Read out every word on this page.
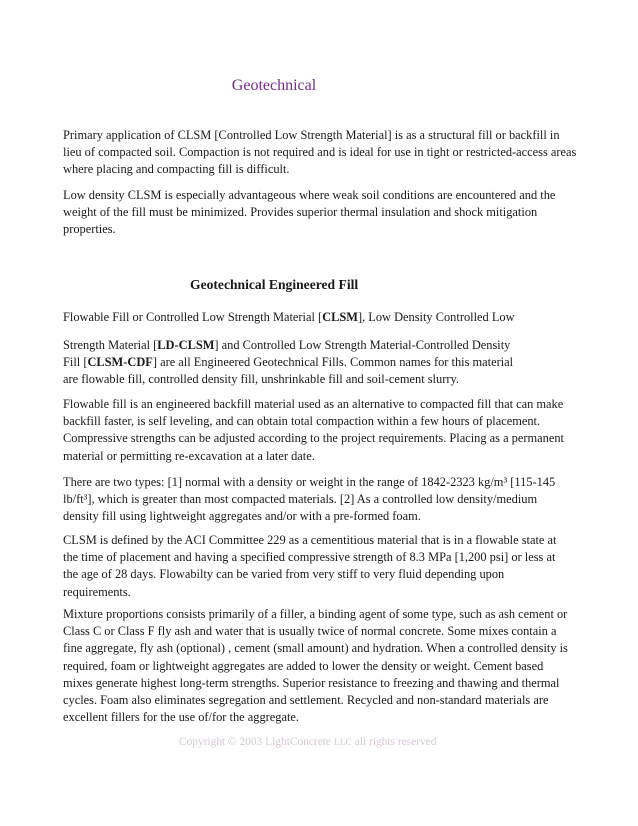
Geotechnical

Primary application of CLSM [Controlled Low Strength Material] is as a structural fill or backfill in
lieu of compacted soil. Compaction is not required and is ideal for use in tight or restricted-access areas
where placing and compacting fill is difficult.

Low density CLSM is especially advantageous where weak soil conditions are encountered and the
weight of the fill must be minimized. Provides superior thermal insulation and shock mitigation
properties.

Geotechnical Engineered Fill

Flowable Fill or Controlled Low Strength Material [CLSM], Low Density Controlled Low

Strength Material [LD-CLSM] and Controlled Low Strength Material-Controlled Density
Fill [CLSM-CDF] are all Engineered Geotechnical Fills. Common names for this material
are flowable fill, controlled density fill, unshrinkable fill and soil-cement slurry.

Flowable fill is an engineered backfill material used as an alternative to compacted fill that can make
backfill faster, is self leveling, and can obtain total compaction within a few hours of placement.
Compressive strengths can be adjusted according to the project requirements. Placing as a permanent
material or permitting re-excavation at a later date.

There are two types: [1] normal with a density or weight in the range of 1842-2323 kg/m³ [115-145
lb/ft³], which is greater than most compacted materials. [2] As a controlled low density/medium
density fill using lightweight aggregates and/or with a pre-formed foam.

CLSM is defined by the ACI Committee 229 as a cementitious material that is in a flowable state at
the time of placement and having a specified compressive strength of 8.3 MPa [1,200 psi] or less at
the age of 28 days. Flowabilty can be varied from very stiff to very fluid depending upon
requirements.

Mixture proportions consists primarily of a filler, a binding agent of some type, such as ash cement or
Class C or Class F fly ash and water that is usually twice of normal concrete. Some mixes contain a
fine aggregate, fly ash (optional) , cement (small amount) and hydration. When a controlled density is
required, foam or lightweight aggregates are added to lower the density or weight. Cement based
mixes generate highest long-term strengths. Superior resistance to freezing and thawing and thermal
cycles. Foam also eliminates segregation and settlement. Recycled and non-standard materials are
excellent fillers for the use of/for the aggregate.

Copyright © 2003 LightConcrete LLC all rights reserved
